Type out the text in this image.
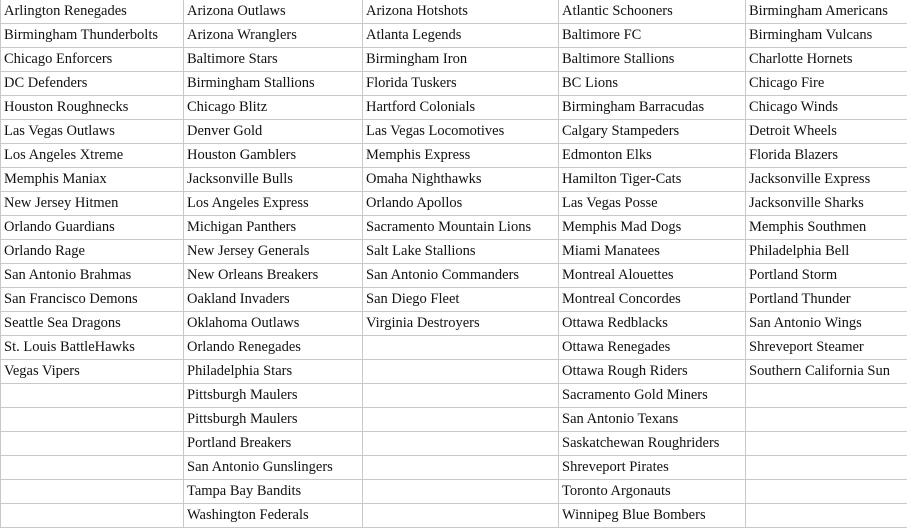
Arlington Renegades	Arizona Outlaws	Arizona Hotshots	Atlantic Schooners	Birmingham Americans
Birmingham Thunderbolts	Arizona Wranglers	Atlanta Legends	Baltimore FC	Birmingham Vulcans
Chicago Enforcers	Baltimore Stars	Birmingham Iron	Baltimore Stallions	Charlotte Hornets
DC Defenders	Birmingham Stallions	Florida Tuskers	BC Lions	Chicago Fire
Houston Roughnecks	Chicago Blitz	Hartford Colonials	Birmingham Barracudas	Chicago Winds
Las Vegas Outlaws	Denver Gold	Las Vegas Locomotives	Calgary Stampeders	Detroit Wheels
Los Angeles Xtreme	Houston Gamblers	Memphis Express	Edmonton Elks	Florida Blazers
Memphis Maniax	Jacksonville Bulls	Omaha Nighthawks	Hamilton Tiger-Cats	Jacksonville Express
New Jersey Hitmen	Los Angeles Express	Orlando Apollos	Las Vegas Posse	Jacksonville Sharks
Orlando Guardians	Michigan Panthers	Sacramento Mountain Lions	Memphis Mad Dogs	Memphis Southmen
Orlando Rage	New Jersey Generals	Salt Lake Stallions	Miami Manatees	Philadelphia Bell
San Antonio Brahmas	New Orleans Breakers	San Antonio Commanders	Montreal Alouettes	Portland Storm
San Francisco Demons	Oakland Invaders	San Diego Fleet	Montreal Concordes	Portland Thunder
Seattle Sea Dragons	Oklahoma Outlaws	Virginia Destroyers	Ottawa Redblacks	San Antonio Wings
St. Louis BattleHawks	Orlando Renegades		Ottawa Renegades	Shreveport Steamer
Vegas Vipers	Philadelphia Stars		Ottawa Rough Riders	Southern California Sun
	Pittsburgh Maulers		Sacramento Gold Miners	
	Pittsburgh Maulers		San Antonio Texans	
	Portland Breakers		Saskatchewan Roughriders	
	San Antonio Gunslingers		Shreveport Pirates	
	Tampa Bay Bandits		Toronto Argonauts	
	Washington Federals		Winnipeg Blue Bombers	
